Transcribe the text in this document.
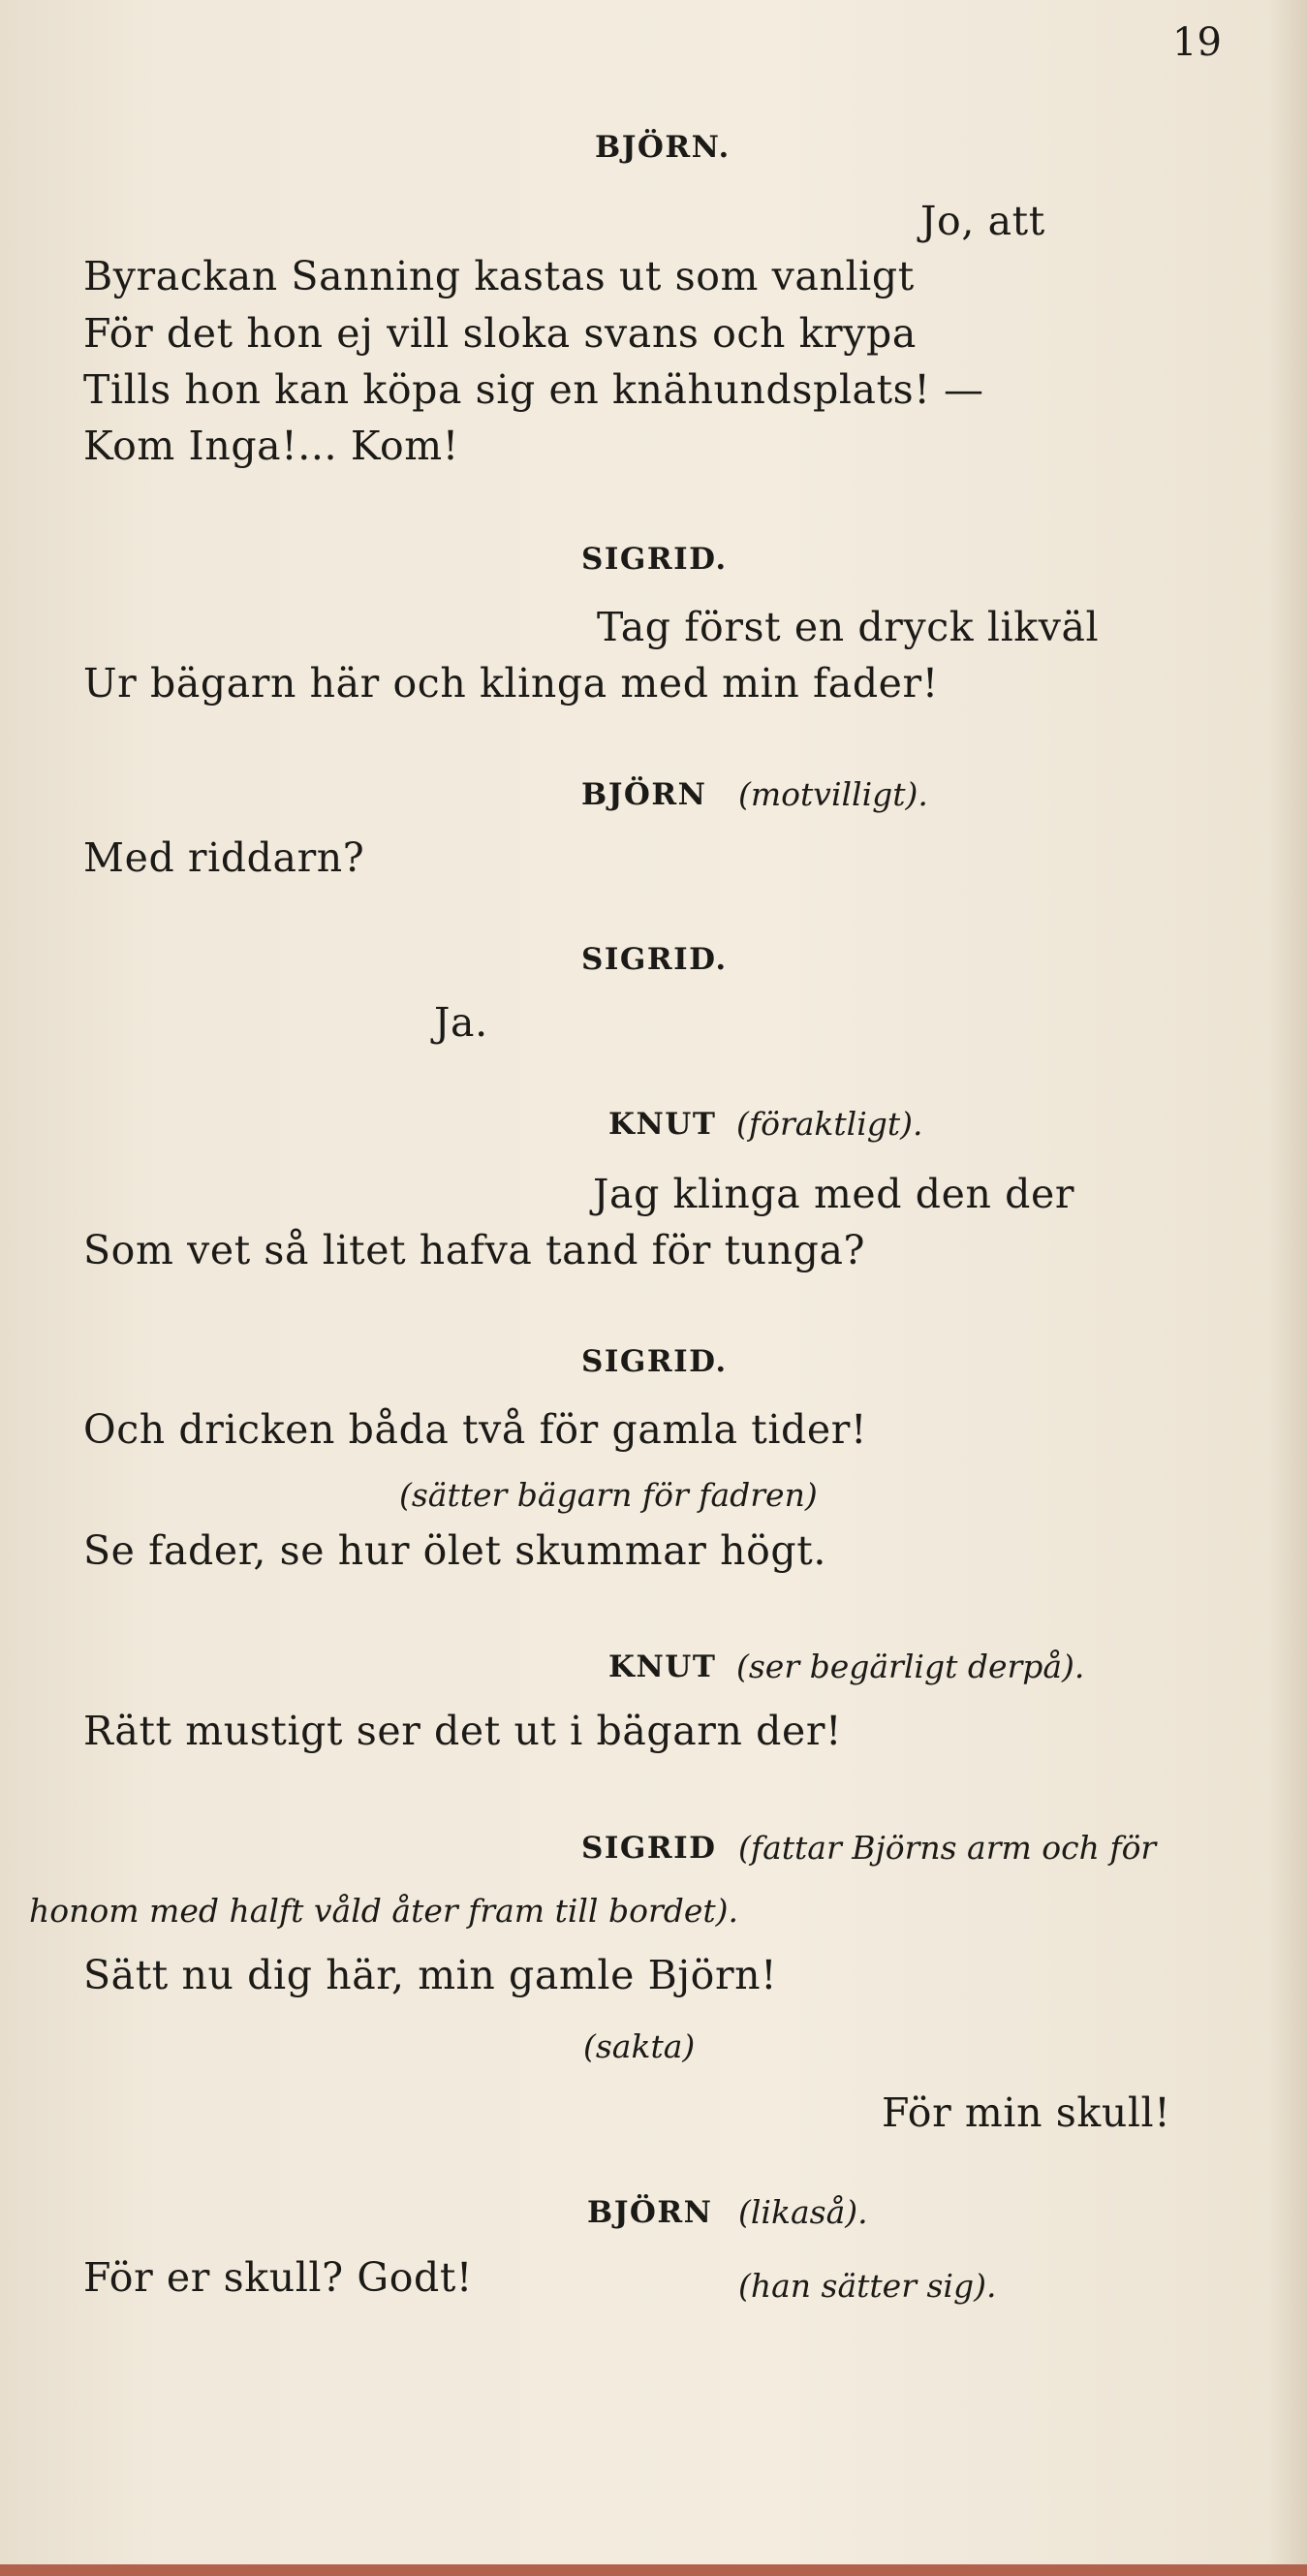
19
BJÖRN.
Jo, att
Byrackan Sanning kastas ut som vanligt
För det hon ej vill sloka svans och krypa
Tills hon kan köpa sig en knähundsplats! —
Kom Inga!... Kom!
SIGRID.
Tag först en dryck likväl
Ur bägarn här och klinga med min fader!
BJÖRN (motvilligt).
Med riddarn?
SIGRID.
Ja.
KNUT (föraktligt).
Jag klinga med den der
Som vet så litet hafva tand för tunga?
SIGRID.
Och dricken båda två för gamla tider!
(sätter bägarn för fadren)
Se fader, se hur ölet skummar högt.
KNUT (ser begärligt derpå).
Rätt mustigt ser det ut i bägarn der!
SIGRID (fattar Björns arm och för
honom med halft våld åter fram till bordet).
Sätt nu dig här, min gamle Björn!
(sakta)
För min skull!
BJÖRN (likaså).
För er skull? Godt!	(han sätter sig).
